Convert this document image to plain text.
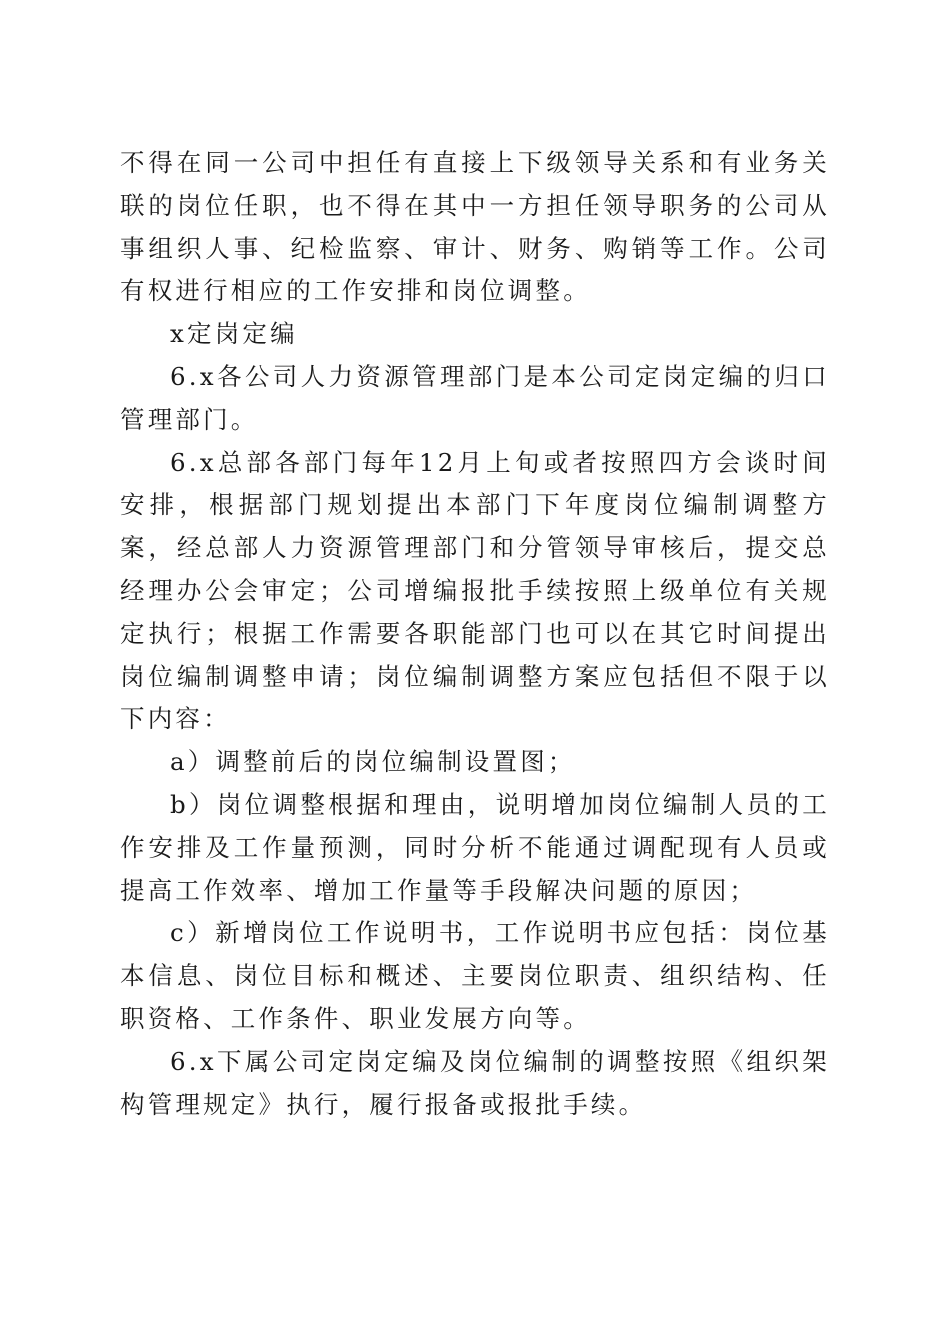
不得在同一公司中担任有直接上下级领导关系和有业务关联的岗位任职，也不得在其中一方担任领导职务的公司从事组织人事、纪检监察、审计、财务、购销等工作。公司有权进行相应的工作安排和岗位调整。

x定岗定编

6.x各公司人力资源管理部门是本公司定岗定编的归口管理部门。

6.x总部各部门每年12月上旬或者按照四方会谈时间安排，根据部门规划提出本部门下年度岗位编制调整方案，经总部人力资源管理部门和分管领导审核后，提交总经理办公会审定；公司增编报批手续按照上级单位有关规定执行；根据工作需要各职能部门也可以在其它时间提出岗位编制调整申请；岗位编制调整方案应包括但不限于以下内容：

a）调整前后的岗位编制设置图；

b）岗位调整根据和理由，说明增加岗位编制人员的工作安排及工作量预测，同时分析不能通过调配现有人员或提高工作效率、增加工作量等手段解决问题的原因；

c）新增岗位工作说明书，工作说明书应包括：岗位基本信息、岗位目标和概述、主要岗位职责、组织结构、任职资格、工作条件、职业发展方向等。

6.x下属公司定岗定编及岗位编制的调整按照《组织架构管理规定》执行，履行报备或报批手续。
